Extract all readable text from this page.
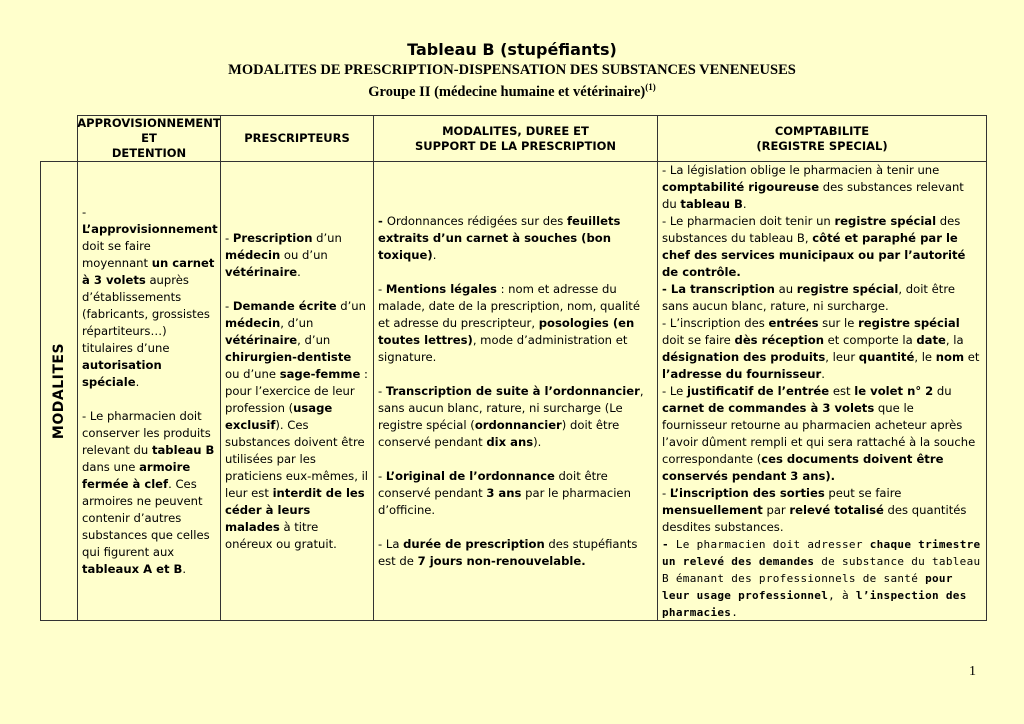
Tableau B (stupéfiants)
MODALITES DE PRESCRIPTION-DISPENSATION DES SUBSTANCES VENENEUSES
Groupe II (médecine humaine et vétérinaire)$^{(1)}$
APPROVISIONNEMENT
ET
DETENTION
PRESCRIPTEURS
MODALITES, DUREE ET
SUPPORT DE LA PRESCRIPTION
COMPTABILITE
(REGISTRE SPECIAL)
MODALITES

- L’approvisionnement doit se faire moyennant un carnet à 3 volets auprès d’établissements (fabricants, grossistes répartiteurs…) titulaires d’une autorisation spéciale.

- Le pharmacien doit conserver les produits relevant du tableau B dans une armoire fermée à clef. Ces armoires ne peuvent contenir d’autres substances que celles qui figurent aux tableaux A et B.

- Prescription d’un médecin ou d’un vétérinaire.

- Demande écrite d’un médecin, d’un vétérinaire, d’un chirurgien-dentiste ou d’une sage-femme : pour l’exercice de leur profession (usage exclusif). Ces substances doivent être utilisées par les praticiens eux-mêmes, il leur est interdit de les céder à leurs malades à titre onéreux ou gratuit.

- Ordonnances rédigées sur des feuillets extraits d’un carnet à souches (bon toxique).

- Mentions légales : nom et adresse du malade, date de la prescription, nom, qualité et adresse du prescripteur, posologies (en toutes lettres), mode d’administration et signature.

- Transcription de suite à l’ordonnancier, sans aucun blanc, rature, ni surcharge (Le registre spécial (ordonnancier) doit être conservé pendant dix ans).

- L’original de l’ordonnance doit être conservé pendant 3 ans par le pharmacien d’officine.

- La durée de prescription des stupéfiants est de 7 jours non-renouvelable.

- La législation oblige le pharmacien à tenir une comptabilité rigoureuse des substances relevant du tableau B.

- Le pharmacien doit tenir un registre spécial des substances du tableau B, côté et paraphé par le chef des services municipaux ou par l’autorité de contrôle.

- La transcription au registre spécial, doit être sans aucun blanc, rature, ni surcharge.

- L’inscription des entrées sur le registre spécial doit se faire dès réception et comporte la date, la désignation des produits, leur quantité, le nom et l’adresse du fournisseur.

- Le justificatif de l’entrée est le volet n° 2 du carnet de commandes à 3 volets que le fournisseur retourne au pharmacien acheteur après l’avoir dûment rempli et qui sera rattaché à la souche correspondante (ces documents doivent être conservés pendant 3 ans).

- L’inscription des sorties peut se faire mensuellement par relevé totalisé des quantités desdites substances.

- Le pharmacien doit adresser chaque trimestre un relevé des demandes de substance du tableau B émanant des professionnels de santé pour leur usage professionnel, à l’inspection des pharmacies.

1
